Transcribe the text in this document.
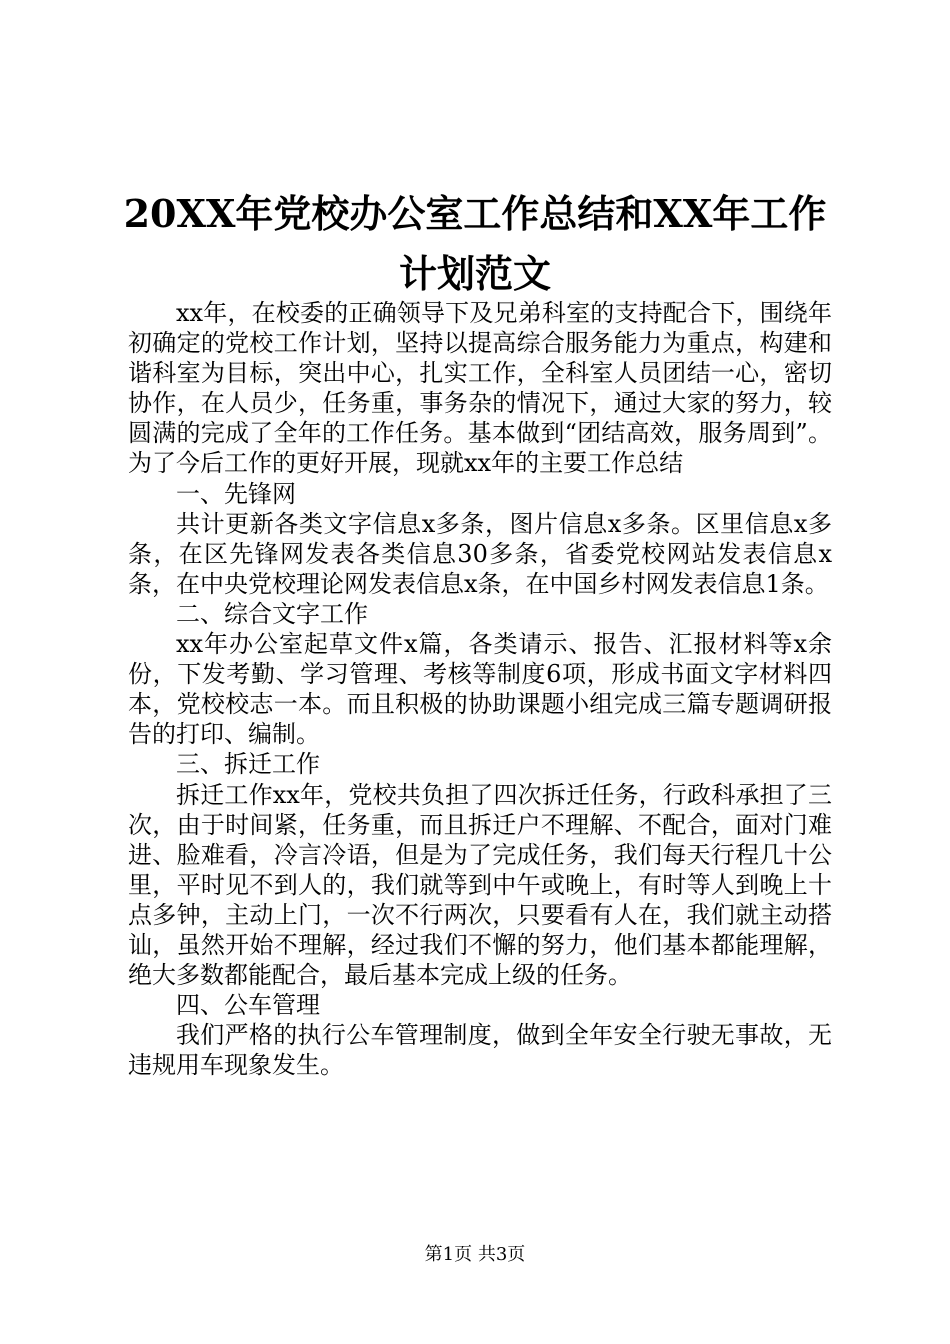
20XX年党校办公室工作总结和XX年工作计划范文

xx年，在校委的正确领导下及兄弟科室的支持配合下，围绕年初确定的党校工作计划，坚持以提高综合服务能力为重点，构建和谐科室为目标，突出中心，扎实工作，全科室人员团结一心，密切协作，在人员少，任务重，事务杂的情况下，通过大家的努力，较圆满的完成了全年的工作任务。基本做到“团结高效，服务周到”。为了今后工作的更好开展，现就xx年的主要工作总结

一、先锋网

共计更新各类文字信息x多条，图片信息x多条。区里信息x多条，在区先锋网发表各类信息30多条，省委党校网站发表信息x条，在中央党校理论网发表信息x条，在中国乡村网发表信息1条。

二、综合文字工作

xx年办公室起草文件x篇，各类请示、报告、汇报材料等x余份，下发考勤、学习管理、考核等制度6项，形成书面文字材料四本，党校校志一本。而且积极的协助课题小组完成三篇专题调研报告的打印、编制。

三、拆迁工作

拆迁工作xx年，党校共负担了四次拆迁任务，行政科承担了三次，由于时间紧，任务重，而且拆迁户不理解、不配合，面对门难进、脸难看，冷言冷语，但是为了完成任务，我们每天行程几十公里，平时见不到人的，我们就等到中午或晚上，有时等人到晚上十点多钟，主动上门，一次不行两次，只要看有人在，我们就主动搭讪，虽然开始不理解，经过我们不懈的努力，他们基本都能理解，绝大多数都能配合，最后基本完成上级的任务。

四、公车管理

我们严格的执行公车管理制度，做到全年安全行驶无事故，无违规用车现象发生。

第1页 共3页
